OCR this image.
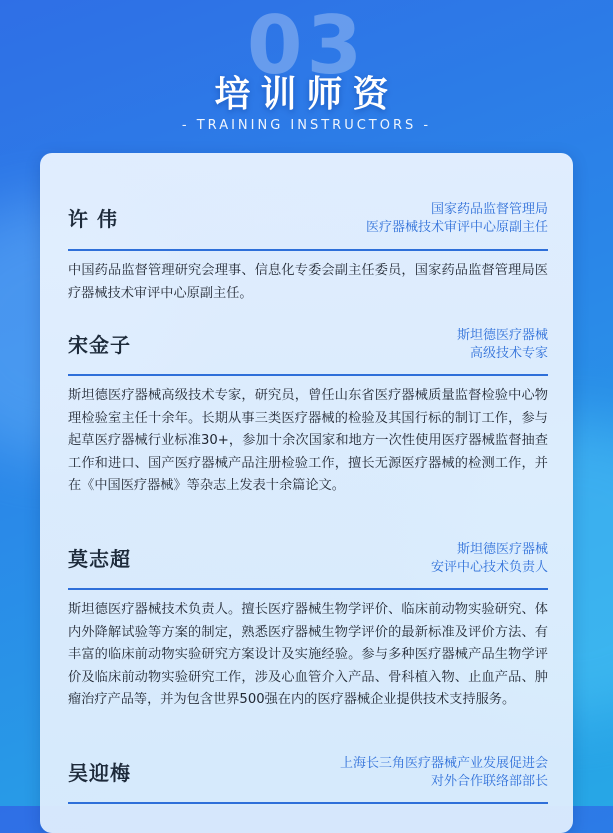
03
培训师资
- TRAINING INSTRUCTORS -
许 伟	国家药品监督管理局
医疗器械技术审评中心原副主任
中国药品监督管理研究会理事、信息化专委会副主任委员，国家药品监督管理局医疗器械技术审评中心原副主任。
宋金子	斯坦德医疗器械
高级技术专家
斯坦德医疗器械高级技术专家，研究员，曾任山东省医疗器械质量监督检验中心物理检验室主任十余年。长期从事三类医疗器械的检验及其国行标的制订工作，参与起草医疗器械行业标准30+，参加十余次国家和地方一次性使用医疗器械监督抽查工作和进口、国产医疗器械产品注册检验工作，擅长无源医疗器械的检测工作，并在《中国医疗器械》等杂志上发表十余篇论文。
莫志超	斯坦德医疗器械
安评中心技术负责人
斯坦德医疗器械技术负责人。擅长医疗器械生物学评价、临床前动物实验研究、体内外降解试验等方案的制定，熟悉医疗器械生物学评价的最新标准及评价方法、有丰富的临床前动物实验研究方案设计及实施经验。参与多种医疗器械产品生物学评价及临床前动物实验研究工作，涉及心血管介入产品、骨科植入物、止血产品、肿瘤治疗产品等，并为包含世界500强在内的医疗器械企业提供技术支持服务。
吴迎梅	上海长三角医疗器械产业发展促进会
对外合作联络部部长
